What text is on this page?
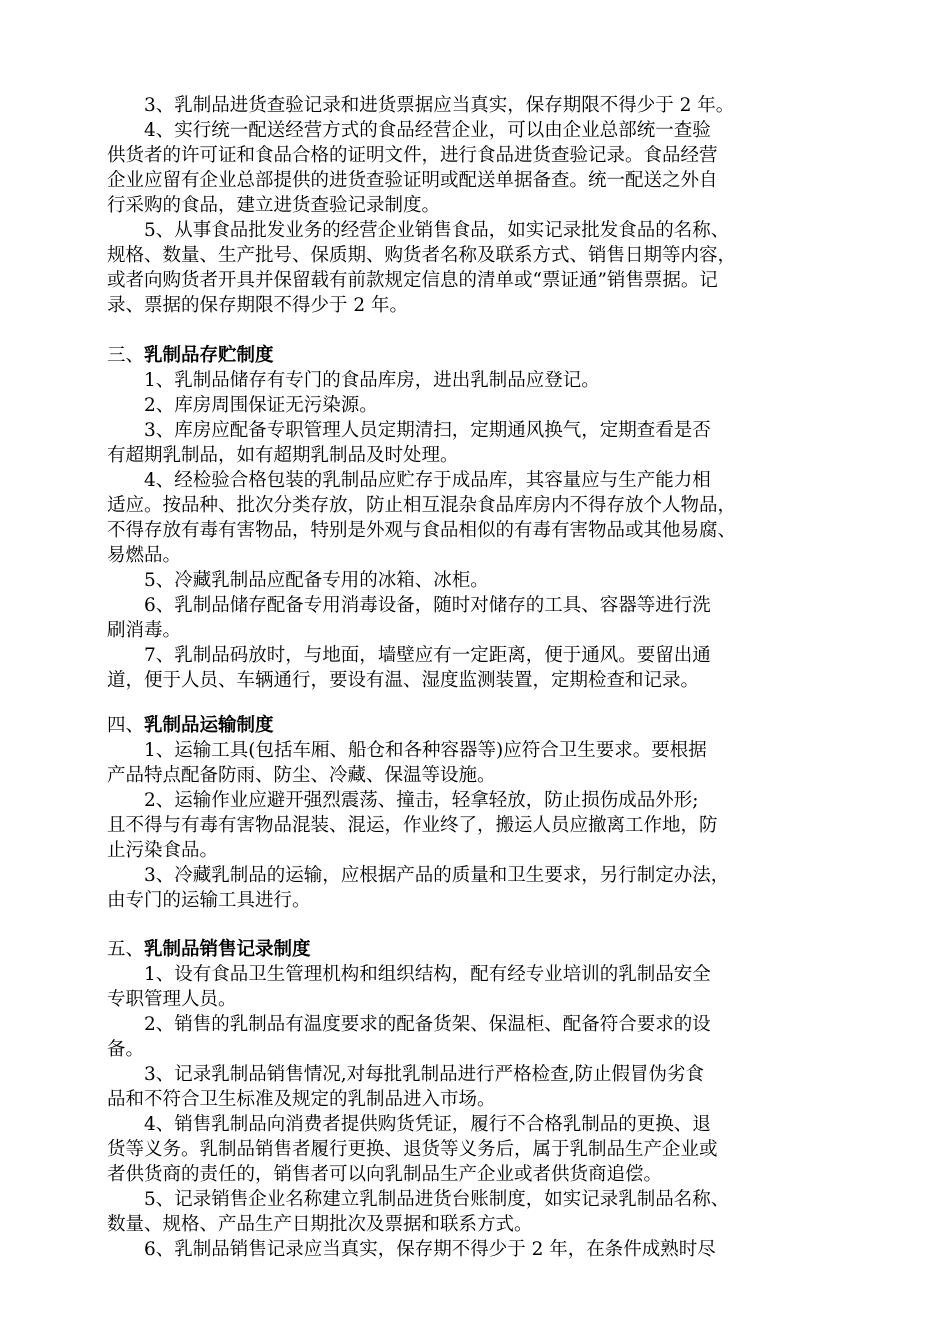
　　3、乳制品进货查验记录和进货票据应当真实，保存期限不得少于 2 年。
　　4、实行统一配送经营方式的食品经营企业，可以由企业总部统一查验
供货者的许可证和食品合格的证明文件，进行食品进货查验记录。食品经营
企业应留有企业总部提供的进货查验证明或配送单据备查。统一配送之外自
行采购的食品，建立进货查验记录制度。
　　5、从事食品批发业务的经营企业销售食品，如实记录批发食品的名称、
规格、数量、生产批号、保质期、购货者名称及联系方式、销售日期等内容，
或者向购货者开具并保留载有前款规定信息的清单或“票证通”销售票据。记
录、票据的保存期限不得少于 2 年。
三、乳制品存贮制度
　　1、乳制品储存有专门的食品库房，进出乳制品应登记。
　　2、库房周围保证无污染源。
　　3、库房应配备专职管理人员定期清扫，定期通风换气，定期查看是否
有超期乳制品，如有超期乳制品及时处理。
　　4、经检验合格包装的乳制品应贮存于成品库，其容量应与生产能力相
适应。按品种、批次分类存放，防止相互混杂食品库房内不得存放个人物品，
不得存放有毒有害物品，特别是外观与食品相似的有毒有害物品或其他易腐、
易燃品。
　　5、冷藏乳制品应配备专用的冰箱、冰柜。
　　6、乳制品储存配备专用消毒设备，随时对储存的工具、容器等进行洗
刷消毒。
　　7、乳制品码放时，与地面，墙壁应有一定距离，便于通风。要留出通
道，便于人员、车辆通行，要设有温、湿度监测装置，定期检查和记录。
四、乳制品运输制度
　　1、运输工具(包括车厢、船仓和各种容器等)应符合卫生要求。要根据
产品特点配备防雨、防尘、冷藏、保温等设施。
　　2、运输作业应避开强烈震荡、撞击，轻拿轻放，防止损伤成品外形;
且不得与有毒有害物品混装、混运，作业终了，搬运人员应撤离工作地，防
止污染食品。
　　3、冷藏乳制品的运输，应根据产品的质量和卫生要求，另行制定办法，
由专门的运输工具进行。
五、乳制品销售记录制度
　　1、设有食品卫生管理机构和组织结构，配有经专业培训的乳制品安全
专职管理人员。
　　2、销售的乳制品有温度要求的配备货架、保温柜、配备符合要求的设
备。
　　3、记录乳制品销售情况,对每批乳制品进行严格检查,防止假冒伪劣食
品和不符合卫生标准及规定的乳制品进入市场。
　　4、销售乳制品向消费者提供购货凭证，履行不合格乳制品的更换、退
货等义务。乳制品销售者履行更换、退货等义务后，属于乳制品生产企业或
者供货商的责任的，销售者可以向乳制品生产企业或者供货商追偿。
　　5、记录销售企业名称建立乳制品进货台账制度，如实记录乳制品名称、
数量、规格、产品生产日期批次及票据和联系方式。
　　6、乳制品销售记录应当真实，保存期不得少于 2 年，在条件成熟时尽
